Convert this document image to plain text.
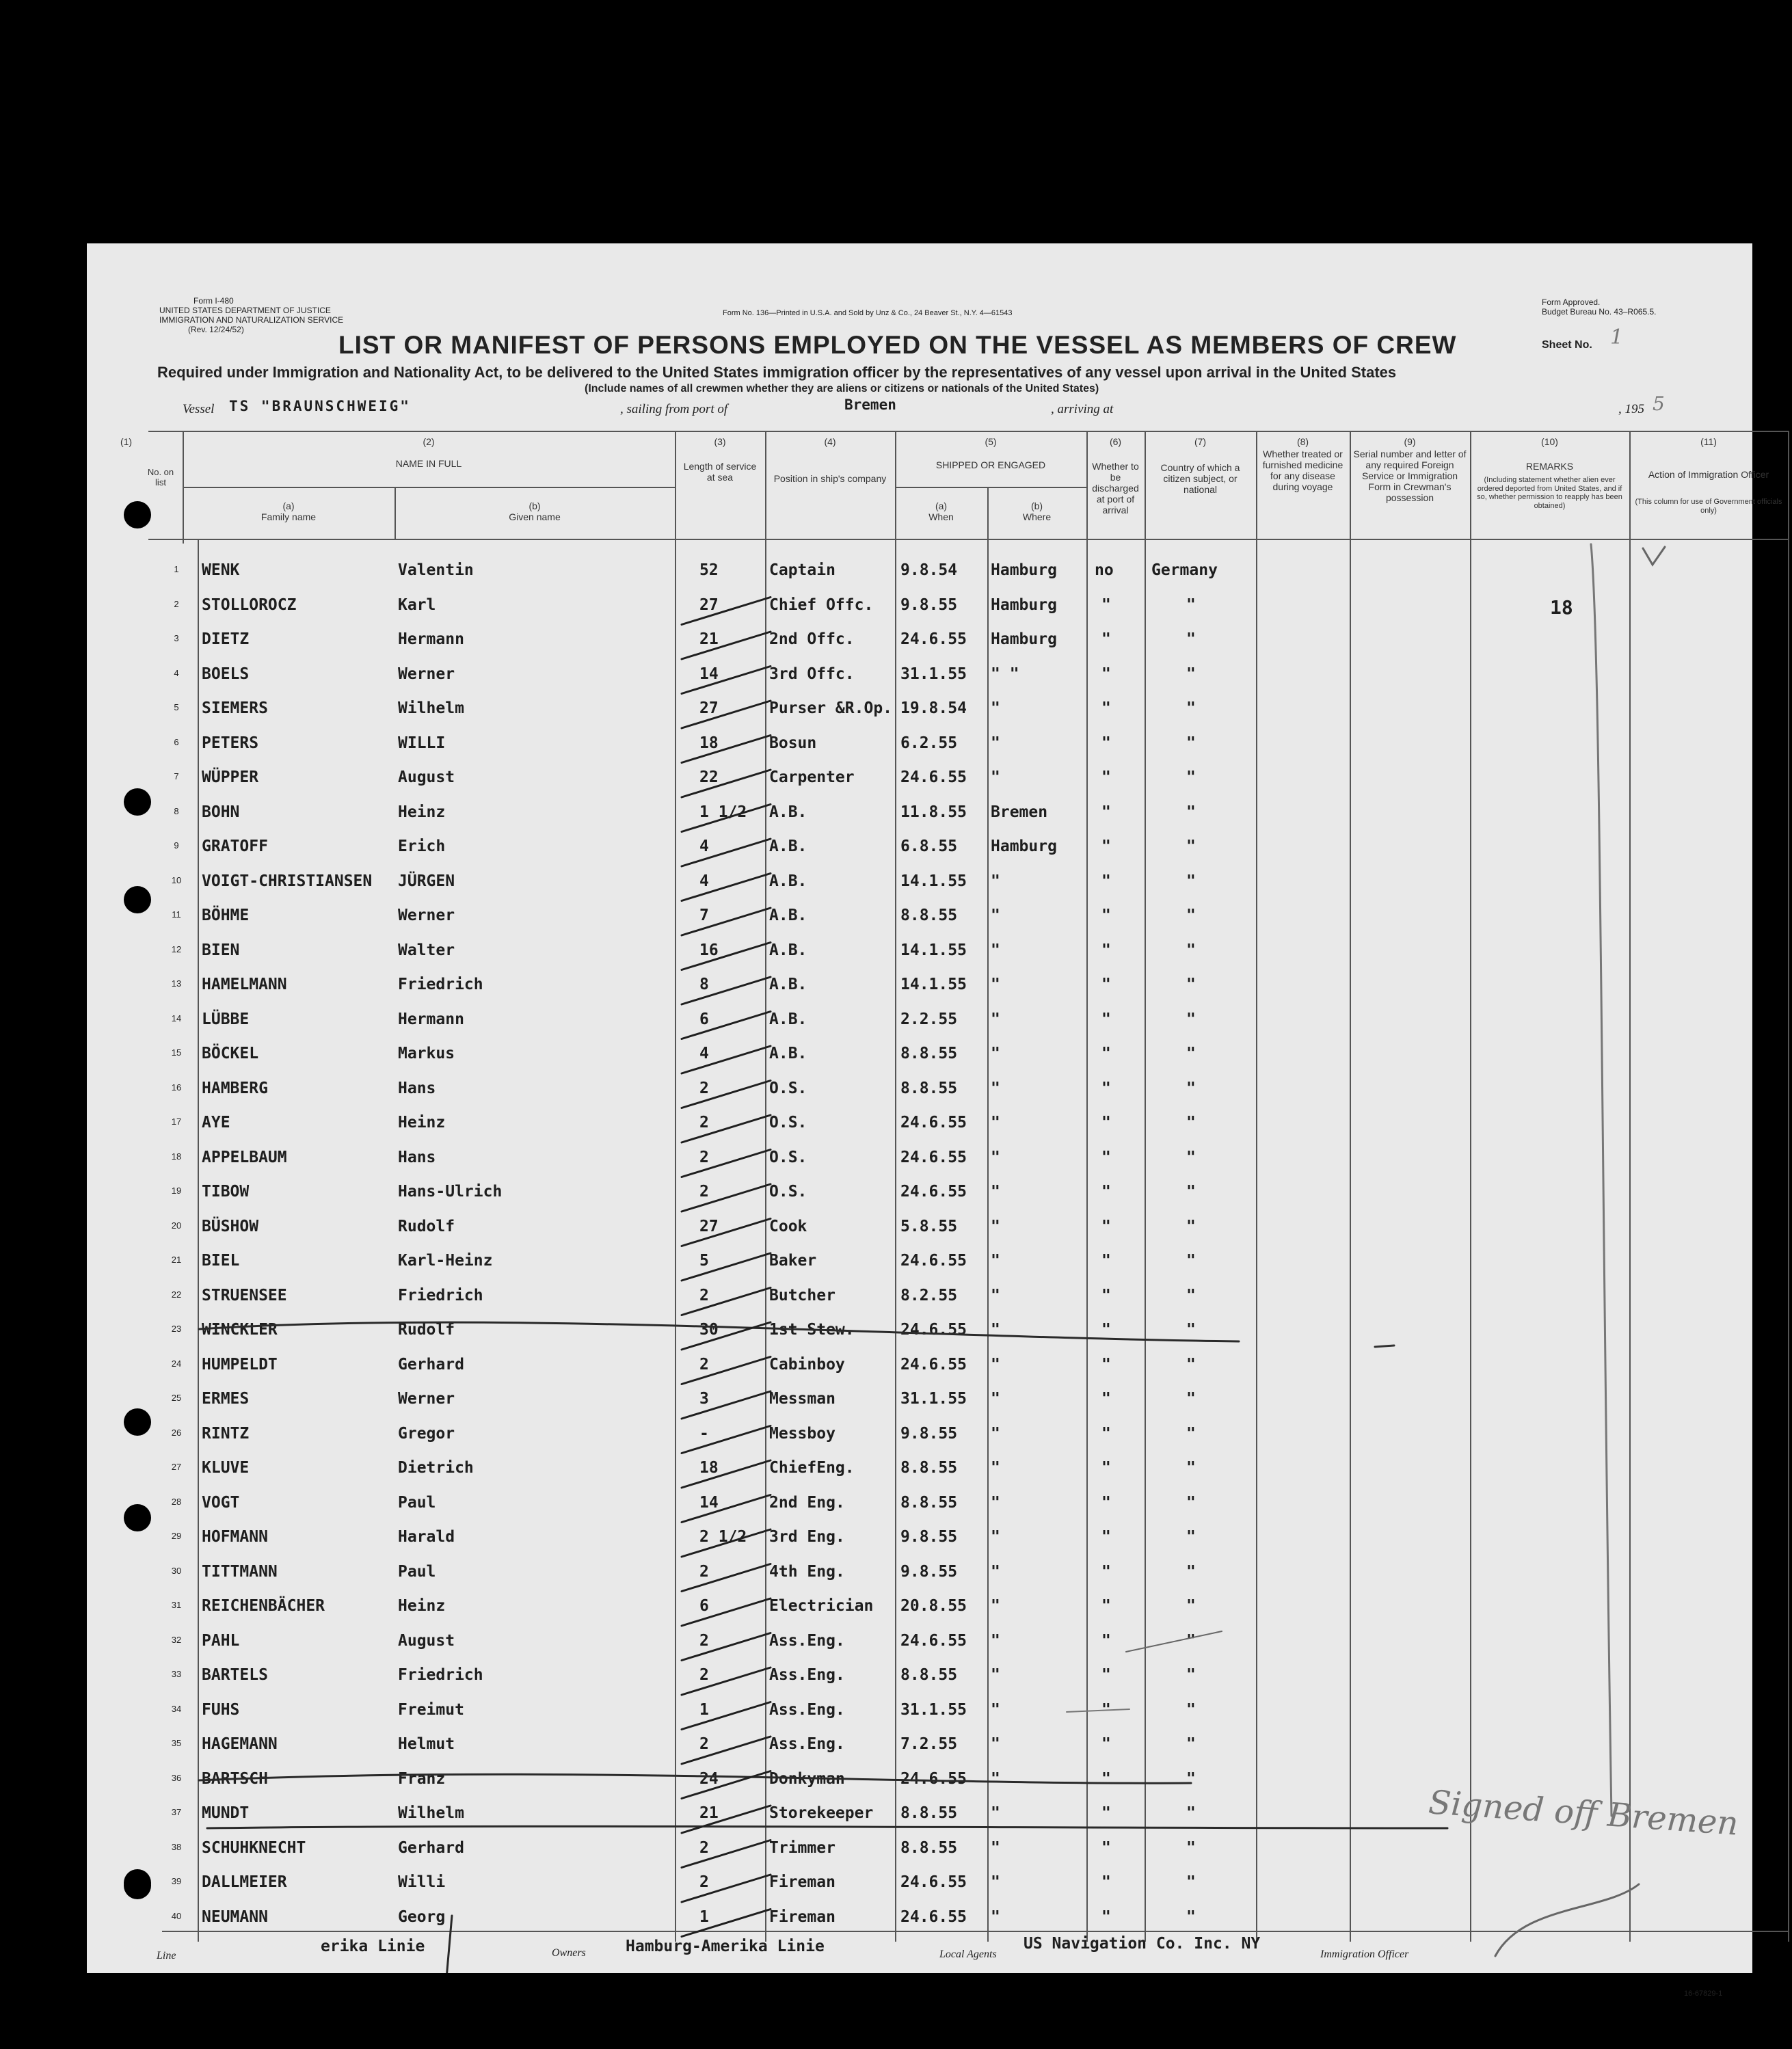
Form I-480
UNITED STATES DEPARTMENT OF JUSTICE
IMMIGRATION AND NATURALIZATION SERVICE
(Rev. 12/24/52)
Form No. 136—Printed in U.S.A. and Sold by Unz & Co., 24 Beaver St., N.Y. 4—61543
Form Approved.
Budget Bureau No. 43–R065.5.
LIST OR MANIFEST OF PERSONS EMPLOYED ON THE VESSEL AS MEMBERS OF CREW	Sheet No. 1
Required under Immigration and Nationality Act, to be delivered to the United States immigration officer by the representatives of any vessel upon arrival in the United States
(Include names of all crewmen whether they are aliens or citizens or nationals of the United States)
Vessel TS "BRAUNSCHWEIG"	, sailing from port of	Bremen	, arriving at	, 195 5
(1)
No. on list
(2)
NAME IN FULL
(a)
Family name
(b)
Given name
(3)
Length of service at sea
(4)
Position in ship's company
(5)
SHIPPED OR ENGAGED
(a)
When
(b)
Where
(6)
Whether to be discharged at port of arrival
(7)
Country of which a citizen subject, or national
(8)
Whether treated or furnished medicine for any disease during voyage
(9)
Serial number and letter of any required Foreign Service or Immigration Form in Crewman's possession
(10)
REMARKS
(Including statement whether alien ever ordered deported from United States, and if so, whether permission to reapply has been obtained)
(11)
Action of Immigration Officer
(This column for use of Government officials only)
1	WENK	Valentin	52	Captain	9.8.54 Hamburg no Germany
2	STOLLOROCZ	Karl	27	Chief Offc. 9.8.55 Hamburg	"	"	18
3	DIETZ	Hermann	21	2nd Offc.	24.6.55 Hamburg	"	"
4	BOELS	Werner	14	3rd Offc.	31.1.55 " "	"	"
5	SIEMERS	Wilhelm	27	Purser &R.Op. 19.8.54 "	"	"
6	PETERS	WILLI	18	Bosun	6.2.55 "	"	"
7	WÜPPER	August	22	Carpenter	24.6.55 "	"	"
8	BOHN	Heinz	1 1/2 A.B.	11.8.55 Bremen	"	"
9	GRATOFF	Erich	4	A.B.	6.8.55 Hamburg	"	"
10	VOIGT-CHRISTIANSEN JÜRGEN	4	A.B.	14.1.55 "	"	"
11	BÖHME	Werner	7	A.B.	8.8.55 "	"	"
12	BIEN	Walter	16	A.B.	14.1.55 "	"	"
13	HAMELMANN	Friedrich	8	A.B.	14.1.55 "	"	"
14	LÜBBE	Hermann	6	A.B.	2.2.55 "	"	"
15	BÖCKEL	Markus	4	A.B.	8.8.55 "	"	"
16	HAMBERG	Hans	2	O.S.	8.8.55 "	"	"
17	AYE	Heinz	2	O.S.	24.6.55 "	"	"
18	APPELBAUM	Hans	2	O.S.	24.6.55 "	"	"
19	TIBOW	Hans-Ulrich	2	O.S.	24.6.55 "	"	"
20	BÜSHOW	Rudolf	27	Cook	5.8.55 "	"	"
21	BIEL	Karl-Heinz	5	Baker	24.6.55 "	"	"
22	STRUENSEE	Friedrich	2	Butcher	8.2.55 "	"	"
23	WINCKLER	Rudolf	30	1st Stew.	24.6.55 "	"	"
24	HUMPELDT	Gerhard	2	Cabinboy	24.6.55 "	"	"
25	ERMES	Werner	3	Messman	31.1.55 "	"	"
26	RINTZ	Gregor	-	Messboy	9.8.55 "	"	"
27	KLUVE	Dietrich	18	ChiefEng.	8.8.55 "	"	"
28	VOGT	Paul	14	2nd Eng.	8.8.55 "	"	"
29	HOFMANN	Harald	2 1/2 3rd Eng.	9.8.55 "	"	"
30	TITTMANN	Paul	2	4th Eng.	9.8.55 "	"	"
31	REICHENBÄCHER	Heinz	6	Electrician 20.8.55 "	"	"
32	PAHL	August	2	Ass.Eng.	24.6.55 "	"	"
33	BARTELS	Friedrich	2	Ass.Eng.	8.8.55 "	"	"
34	FUHS	Freimut	1	Ass.Eng.	31.1.55 "	"	"
35	HAGEMANN	Helmut	2	Ass.Eng.	7.2.55 "	"	"
36	BARTSCH	Franz	24	Donkyman	24.6.55 "	"	"
37	MUNDT	Wilhelm	21	Storekeeper 8.8.55 "	"	"
38	SCHUHKNECHT	Gerhard	2	Trimmer	8.8.55 "	"	"
39	DALLMEIER	Willi	2	Fireman	24.6.55 "	"	"
40	NEUMANN	Georg	1	Fireman	24.6.55 "	"	"
Line
erika Linie	Owners	Hamburg-Amerika Linie	Local Agents
US Navigation Co. Inc. NY
Immigration Officer
16-67829-1
Signed off Bremen
